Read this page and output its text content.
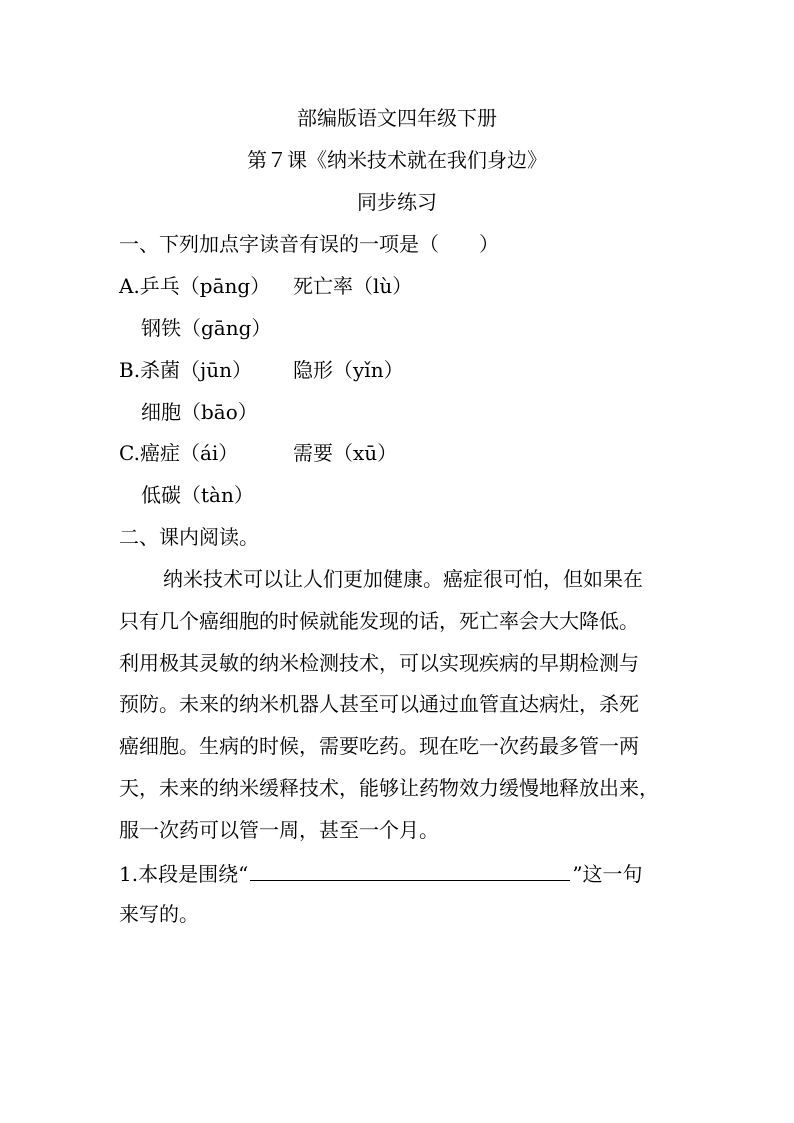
部编版语文四年级下册
第７课《纳米技术就在我们身边》
同步练习
一、下列加点字读音有误的一项是（　　）
A.乒乓（pāng） 死亡率（lù）
钢铁（gāng）
B.杀菌（jūn） 隐形（yǐn）
细胞（bāo）
C.癌症（ái）	需要（xū）
低碳（tàn）
二、课内阅读。
纳米技术可以让人们更加健康。癌症很可怕，但如果在
只有几个癌细胞的时候就能发现的话，死亡率会大大降低。
利用极其灵敏的纳米检测技术，可以实现疾病的早期检测与
预防。未来的纳米机器人甚至可以通过血管直达病灶，杀死
癌细胞。生病的时候，需要吃药。现在吃一次药最多管一两
天，未来的纳米缓释技术，能够让药物效力缓慢地释放出来，
服一次药可以管一周，甚至一个月。
1.本段是围绕“	”这一句
来写的。
